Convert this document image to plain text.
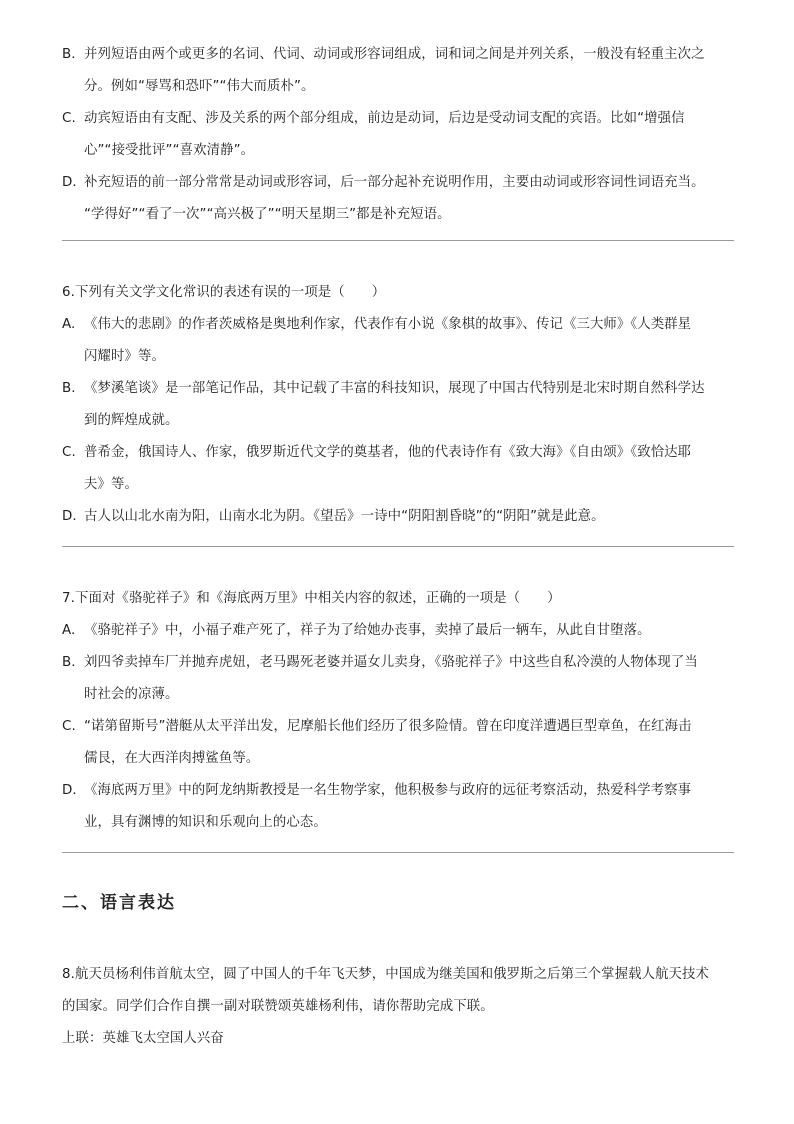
B. 并列短语由两个或更多的名词、代词、动词或形容词组成，词和词之间是并列关系，一般没有轻重主次之
分。例如“辱骂和恐吓”“伟大而质朴”。
C. 动宾短语由有支配、涉及关系的两个部分组成，前边是动词，后边是受动词支配的宾语。比如“增强信
心”“接受批评”“喜欢清静”。
D. 补充短语的前一部分常常是动词或形容词，后一部分起补充说明作用，主要由动词或形容词性词语充当。
“学得好”“看了一次”“高兴极了”“明天星期三”都是补充短语。
6.下列有关文学文化常识的表述有误的一项是（　　）
A. 《伟大的悲剧》的作者茨威格是奥地利作家，代表作有小说《象棋的故事》、传记《三大师》《人类群星
闪耀时》等。
B. 《梦溪笔谈》是一部笔记作品，其中记载了丰富的科技知识，展现了中国古代特别是北宋时期自然科学达
到的辉煌成就。
C. 普希金，俄国诗人、作家，俄罗斯近代文学的奠基者，他的代表诗作有《致大海》《自由颂》《致恰达耶
夫》等。
D. 古人以山北水南为阳，山南水北为阴。《望岳》一诗中“阴阳割昏晓”的“阴阳”就是此意。
7.下面对《骆驼祥子》和《海底两万里》中相关内容的叙述，正确的一项是（　　）
A. 《骆驼祥子》中，小福子难产死了，祥子为了给她办丧事，卖掉了最后一辆车，从此自甘堕落。
B. 刘四爷卖掉车厂并抛弃虎妞，老马踢死老婆并逼女儿卖身，《骆驼祥子》中这些自私冷漠的人物体现了当
时社会的凉薄。
C. “诺第留斯号”潜艇从太平洋出发，尼摩船长他们经历了很多险情。曾在印度洋遭遇巨型章鱼，在红海击
儒艮，在大西洋肉搏鲨鱼等。
D. 《海底两万里》中的阿龙纳斯教授是一名生物学家，他积极参与政府的远征考察活动，热爱科学考察事
业，具有渊博的知识和乐观向上的心态。
二、语言表达
8.航天员杨利伟首航太空，圆了中国人的千年飞天梦，中国成为继美国和俄罗斯之后第三个掌握载人航天技术
的国家。同学们合作自撰一副对联赞颂英雄杨利伟，请你帮助完成下联。
上联：英雄飞太空国人兴奋
